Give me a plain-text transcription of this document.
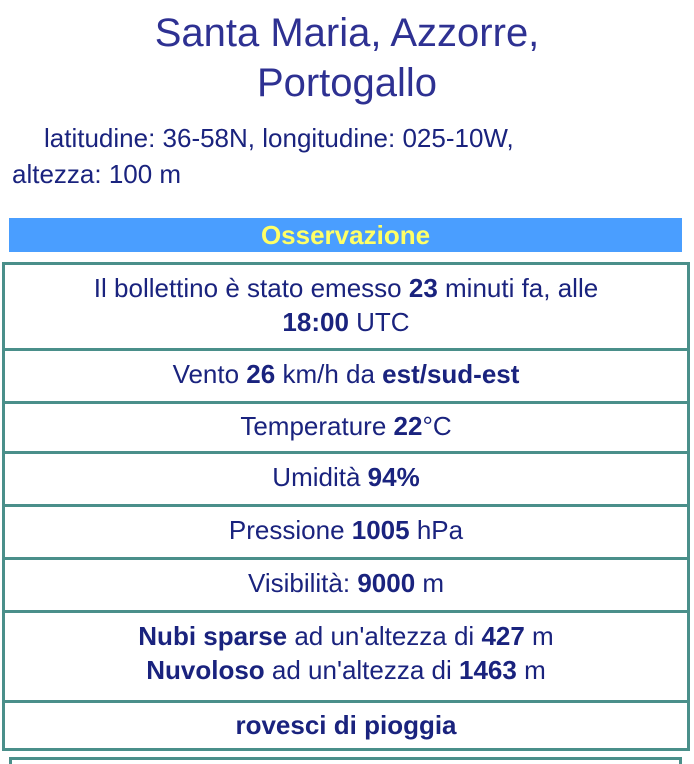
Santa Maria, Azzorre,
Portogallo
latitudine: 36-58N, longitudine: 025-10W,
altezza: 100 m
Osservazione
Il bollettino è stato emesso 23 minuti fa, alle
18:00 UTC
Vento 26 km/h da est/sud-est
Temperature 22°C
Umidità 94%
Pressione 1005 hPa
Visibilità: 9000 m
Nubi sparse ad un'altezza di 427 m
Nuvoloso ad un'altezza di 1463 m
rovesci di pioggia
